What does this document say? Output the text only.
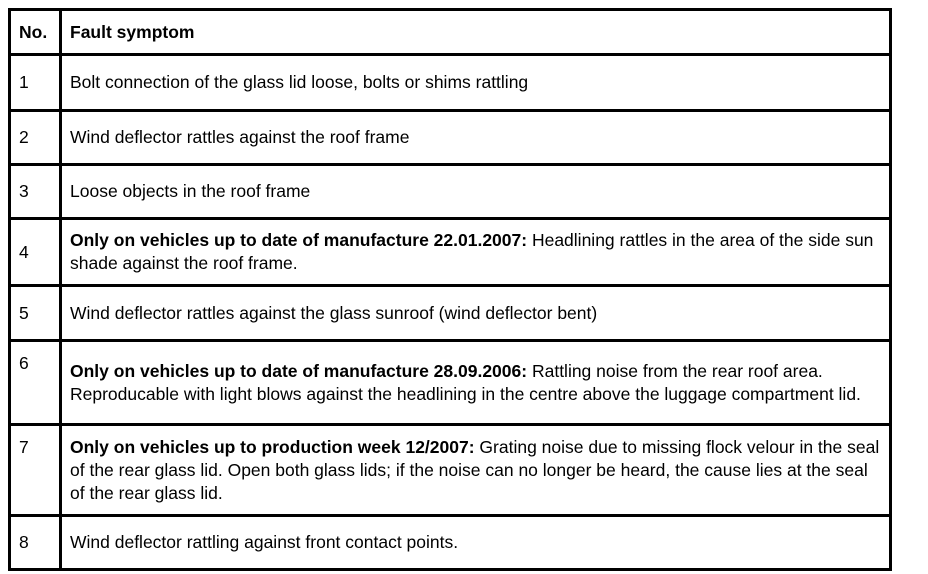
No.	Fault symptom
1	Bolt connection of the glass lid loose, bolts or shims rattling
2	Wind deflector rattles against the roof frame
3	Loose objects in the roof frame
4	Only on vehicles up to date of manufacture 22.01.2007: Headlining rattles in the area of the side sun shade against the roof frame.
5	Wind deflector rattles against the glass sunroof (wind deflector bent)
6	Only on vehicles up to date of manufacture 28.09.2006: Rattling noise from the rear roof area. Reproducable with light blows against the headlining in the centre above the luggage compartment lid.
7	Only on vehicles up to production week 12/2007: Grating noise due to missing flock velour in the seal of the rear glass lid. Open both glass lids; if the noise can no longer be heard, the cause lies at the seal of the rear glass lid.
8	Wind deflector rattling against front contact points.
